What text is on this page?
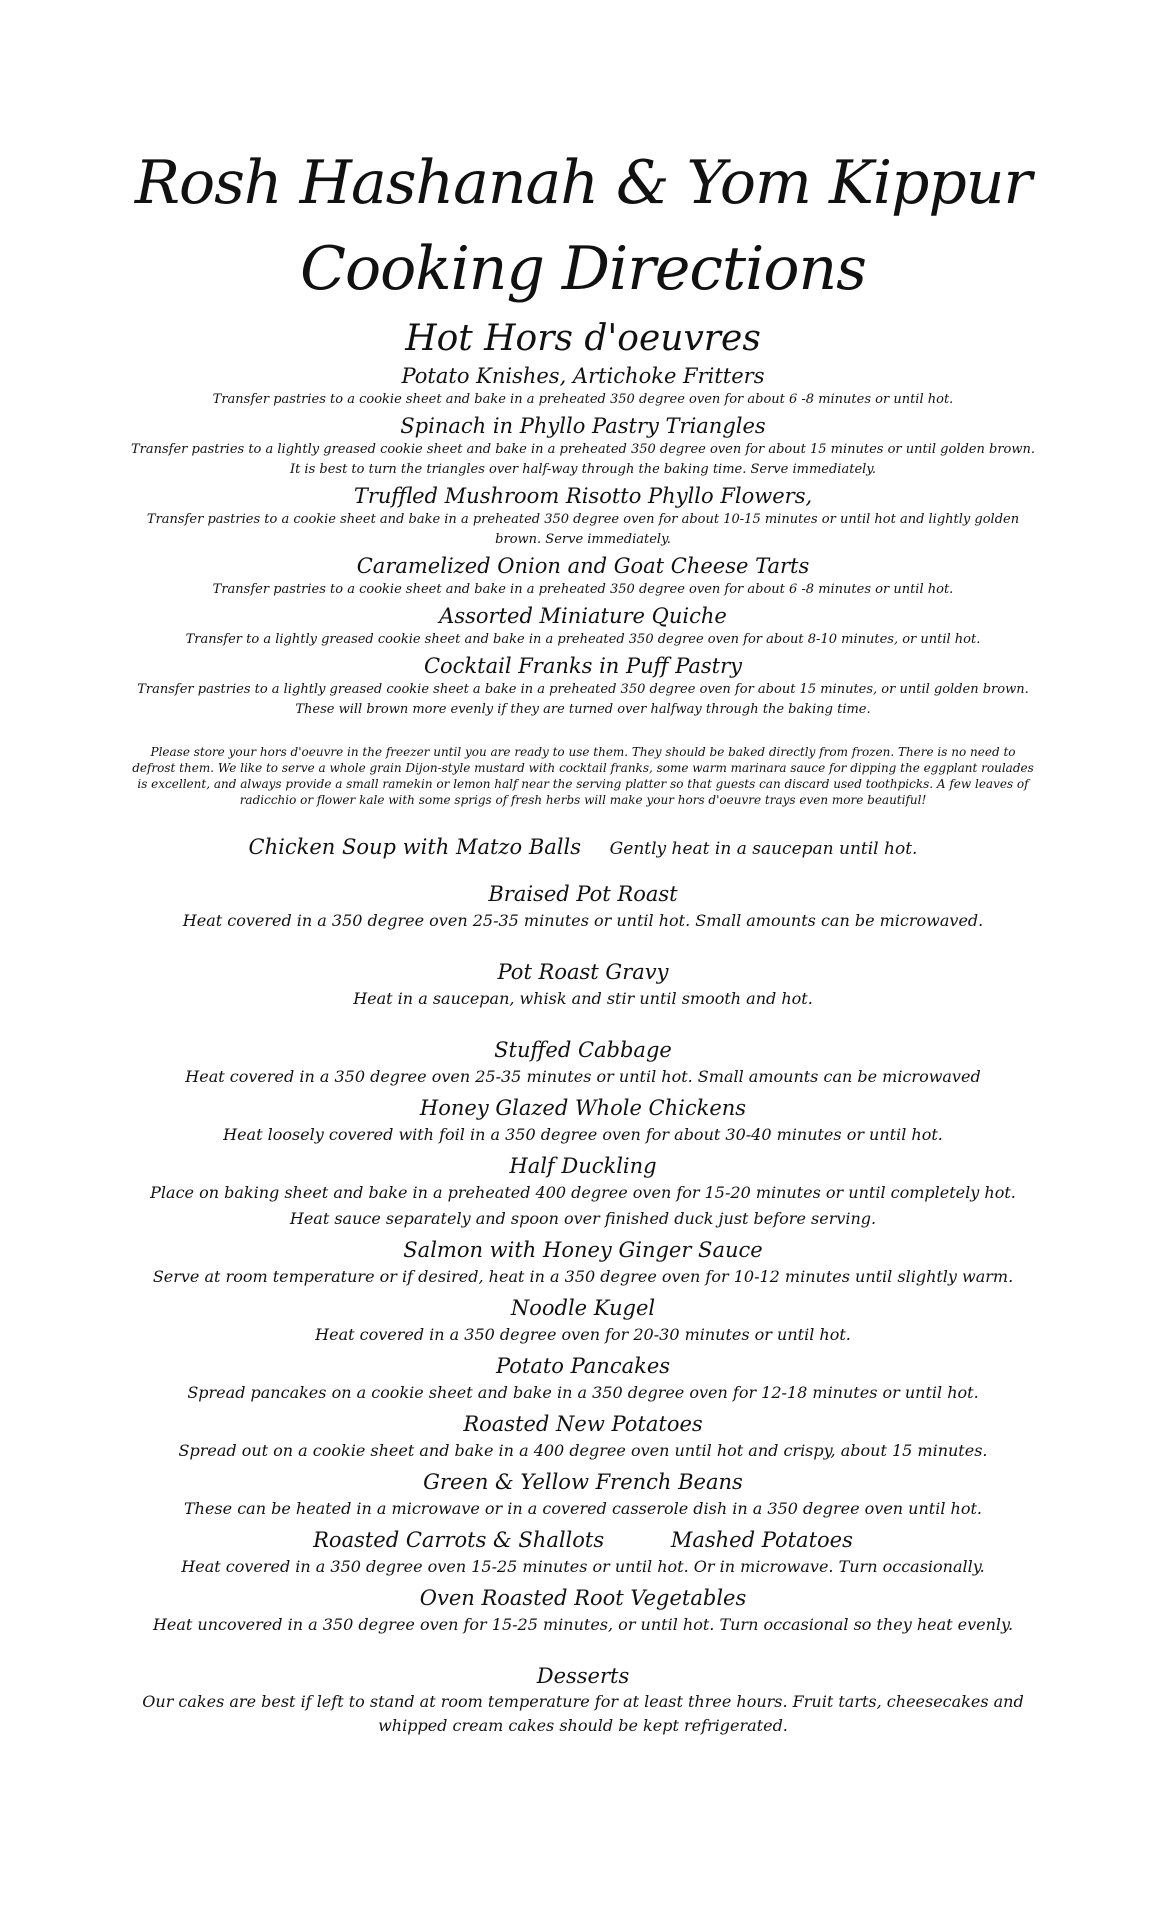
Rosh Hashanah & Yom Kippur
Cooking Directions
Hot Hors d'oeuvres

Potato Knishes, Artichoke Fritters

Transfer pastries to a cookie sheet and bake in a preheated 350 degree oven for about 6 -8 minutes or until hot.

Spinach in Phyllo Pastry Triangles

Transfer pastries to a lightly greased cookie sheet and bake in a preheated 350 degree oven for about 15 minutes or until golden brown. It is best to turn the triangles over half-way through the baking time. Serve immediately.

Truffled Mushroom Risotto Phyllo Flowers,

Transfer pastries to a cookie sheet and bake in a preheated 350 degree oven for about 10-15 minutes or until hot and lightly golden brown. Serve immediately.

Caramelized Onion and Goat Cheese Tarts

Transfer pastries to a cookie sheet and bake in a preheated 350 degree oven for about 6 -8 minutes or until hot.

Assorted Miniature Quiche

Transfer to a lightly greased cookie sheet and bake in a preheated 350 degree oven for about 8-10 minutes, or until hot.

Cocktail Franks in Puff Pastry

Transfer pastries to a lightly greased cookie sheet a bake in a preheated 350 degree oven for about 15 minutes, or until golden brown. These will brown more evenly if they are turned over halfway through the baking time.

Please store your hors d'oeuvre in the freezer until you are ready to use them. They should be baked directly from frozen. There is no need to defrost them. We like to serve a whole grain Dijon-style mustard with cocktail franks, some warm marinara sauce for dipping the eggplant roulades is excellent, and always provide a small ramekin or lemon half near the serving platter so that guests can discard used toothpicks. A few leaves of radicchio or flower kale with some sprigs of fresh herbs will make your hors d'oeuvre trays even more beautiful!

Chicken Soup with Matzo Balls Gently heat in a saucepan until hot.

Braised Pot Roast

Heat covered in a 350 degree oven 25-35 minutes or until hot. Small amounts can be microwaved.

Pot Roast Gravy

Heat in a saucepan, whisk and stir until smooth and hot.

Stuffed Cabbage

Heat covered in a 350 degree oven 25-35 minutes or until hot. Small amounts can be microwaved

Honey Glazed Whole Chickens

Heat loosely covered with foil in a 350 degree oven for about 30-40 minutes or until hot.

Half Duckling

Place on baking sheet and bake in a preheated 400 degree oven for 15-20 minutes or until completely hot. Heat sauce separately and spoon over finished duck just before serving.

Salmon with Honey Ginger Sauce

Serve at room temperature or if desired, heat in a 350 degree oven for 10-12 minutes until slightly warm.

Noodle Kugel

Heat covered in a 350 degree oven for 20-30 minutes or until hot.

Potato Pancakes

Spread pancakes on a cookie sheet and bake in a 350 degree oven for 12-18 minutes or until hot.

Roasted New Potatoes

Spread out on a cookie sheet and bake in a 400 degree oven until hot and crispy, about 15 minutes.

Green & Yellow French Beans

These can be heated in a microwave or in a covered casserole dish in a 350 degree oven until hot.

Roasted Carrots & Shallots	Mashed Potatoes

Heat covered in a 350 degree oven 15-25 minutes or until hot. Or in microwave. Turn occasionally.

Oven Roasted Root Vegetables

Heat uncovered in a 350 degree oven for 15-25 minutes, or until hot. Turn occasional so they heat evenly.

Desserts

Our cakes are best if left to stand at room temperature for at least three hours. Fruit tarts, cheesecakes and whipped cream cakes should be kept refrigerated.
